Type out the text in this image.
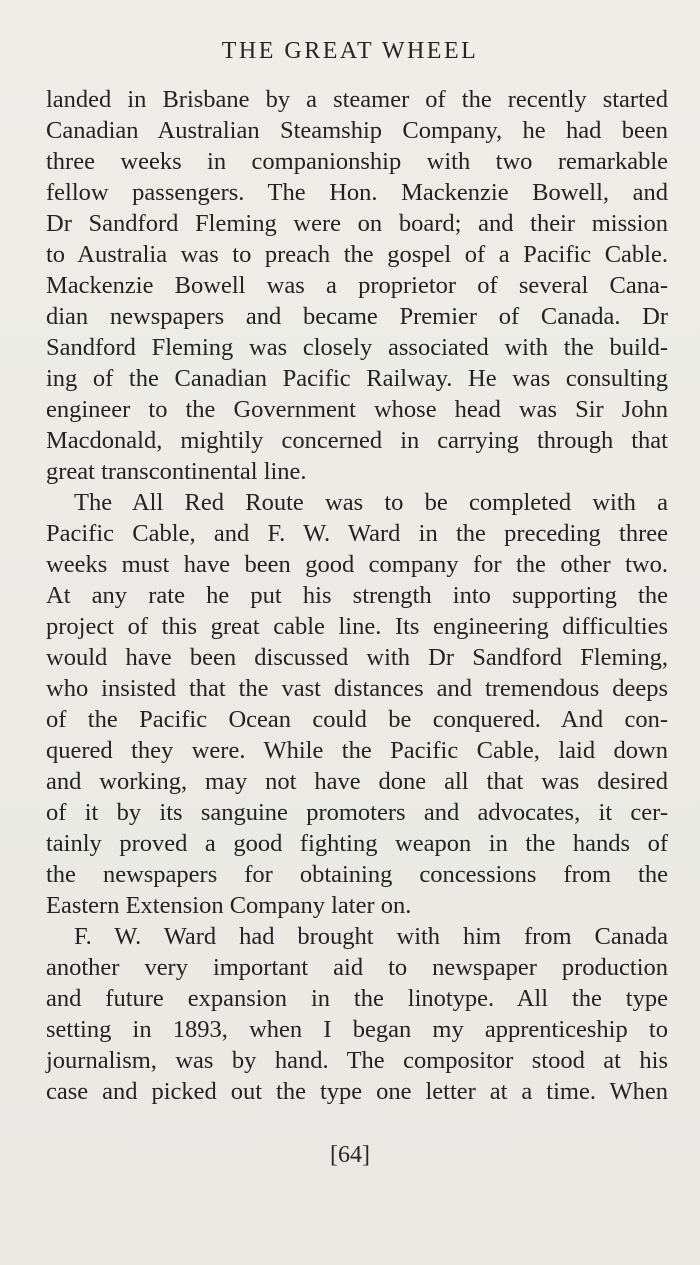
THE GREAT WHEEL
landed in Brisbane by a steamer of the recently started
Canadian Australian Steamship Company, he had been
three weeks in companionship with two remarkable
fellow passengers. The Hon. Mackenzie Bowell, and
Dr Sandford Fleming were on board; and their mission
to Australia was to preach the gospel of a Pacific Cable.
Mackenzie Bowell was a proprietor of several Cana-
dian newspapers and became Premier of Canada. Dr
Sandford Fleming was closely associated with the build-
ing of the Canadian Pacific Railway. He was consulting
engineer to the Government whose head was Sir John
Macdonald, mightily concerned in carrying through that
great transcontinental line.
The All Red Route was to be completed with a
Pacific Cable, and F. W. Ward in the preceding three
weeks must have been good company for the other two.
At any rate he put his strength into supporting the
project of this great cable line. Its engineering difficulties
would have been discussed with Dr Sandford Fleming,
who insisted that the vast distances and tremendous deeps
of the Pacific Ocean could be conquered. And con-
quered they were. While the Pacific Cable, laid down
and working, may not have done all that was desired
of it by its sanguine promoters and advocates, it cer-
tainly proved a good fighting weapon in the hands of
the newspapers for obtaining concessions from the
Eastern Extension Company later on.
F. W. Ward had brought with him from Canada
another very important aid to newspaper production
and future expansion in the linotype. All the type
setting in 1893, when I began my apprenticeship to
journalism, was by hand. The compositor stood at his
case and picked out the type one letter at a time. When
[64]
